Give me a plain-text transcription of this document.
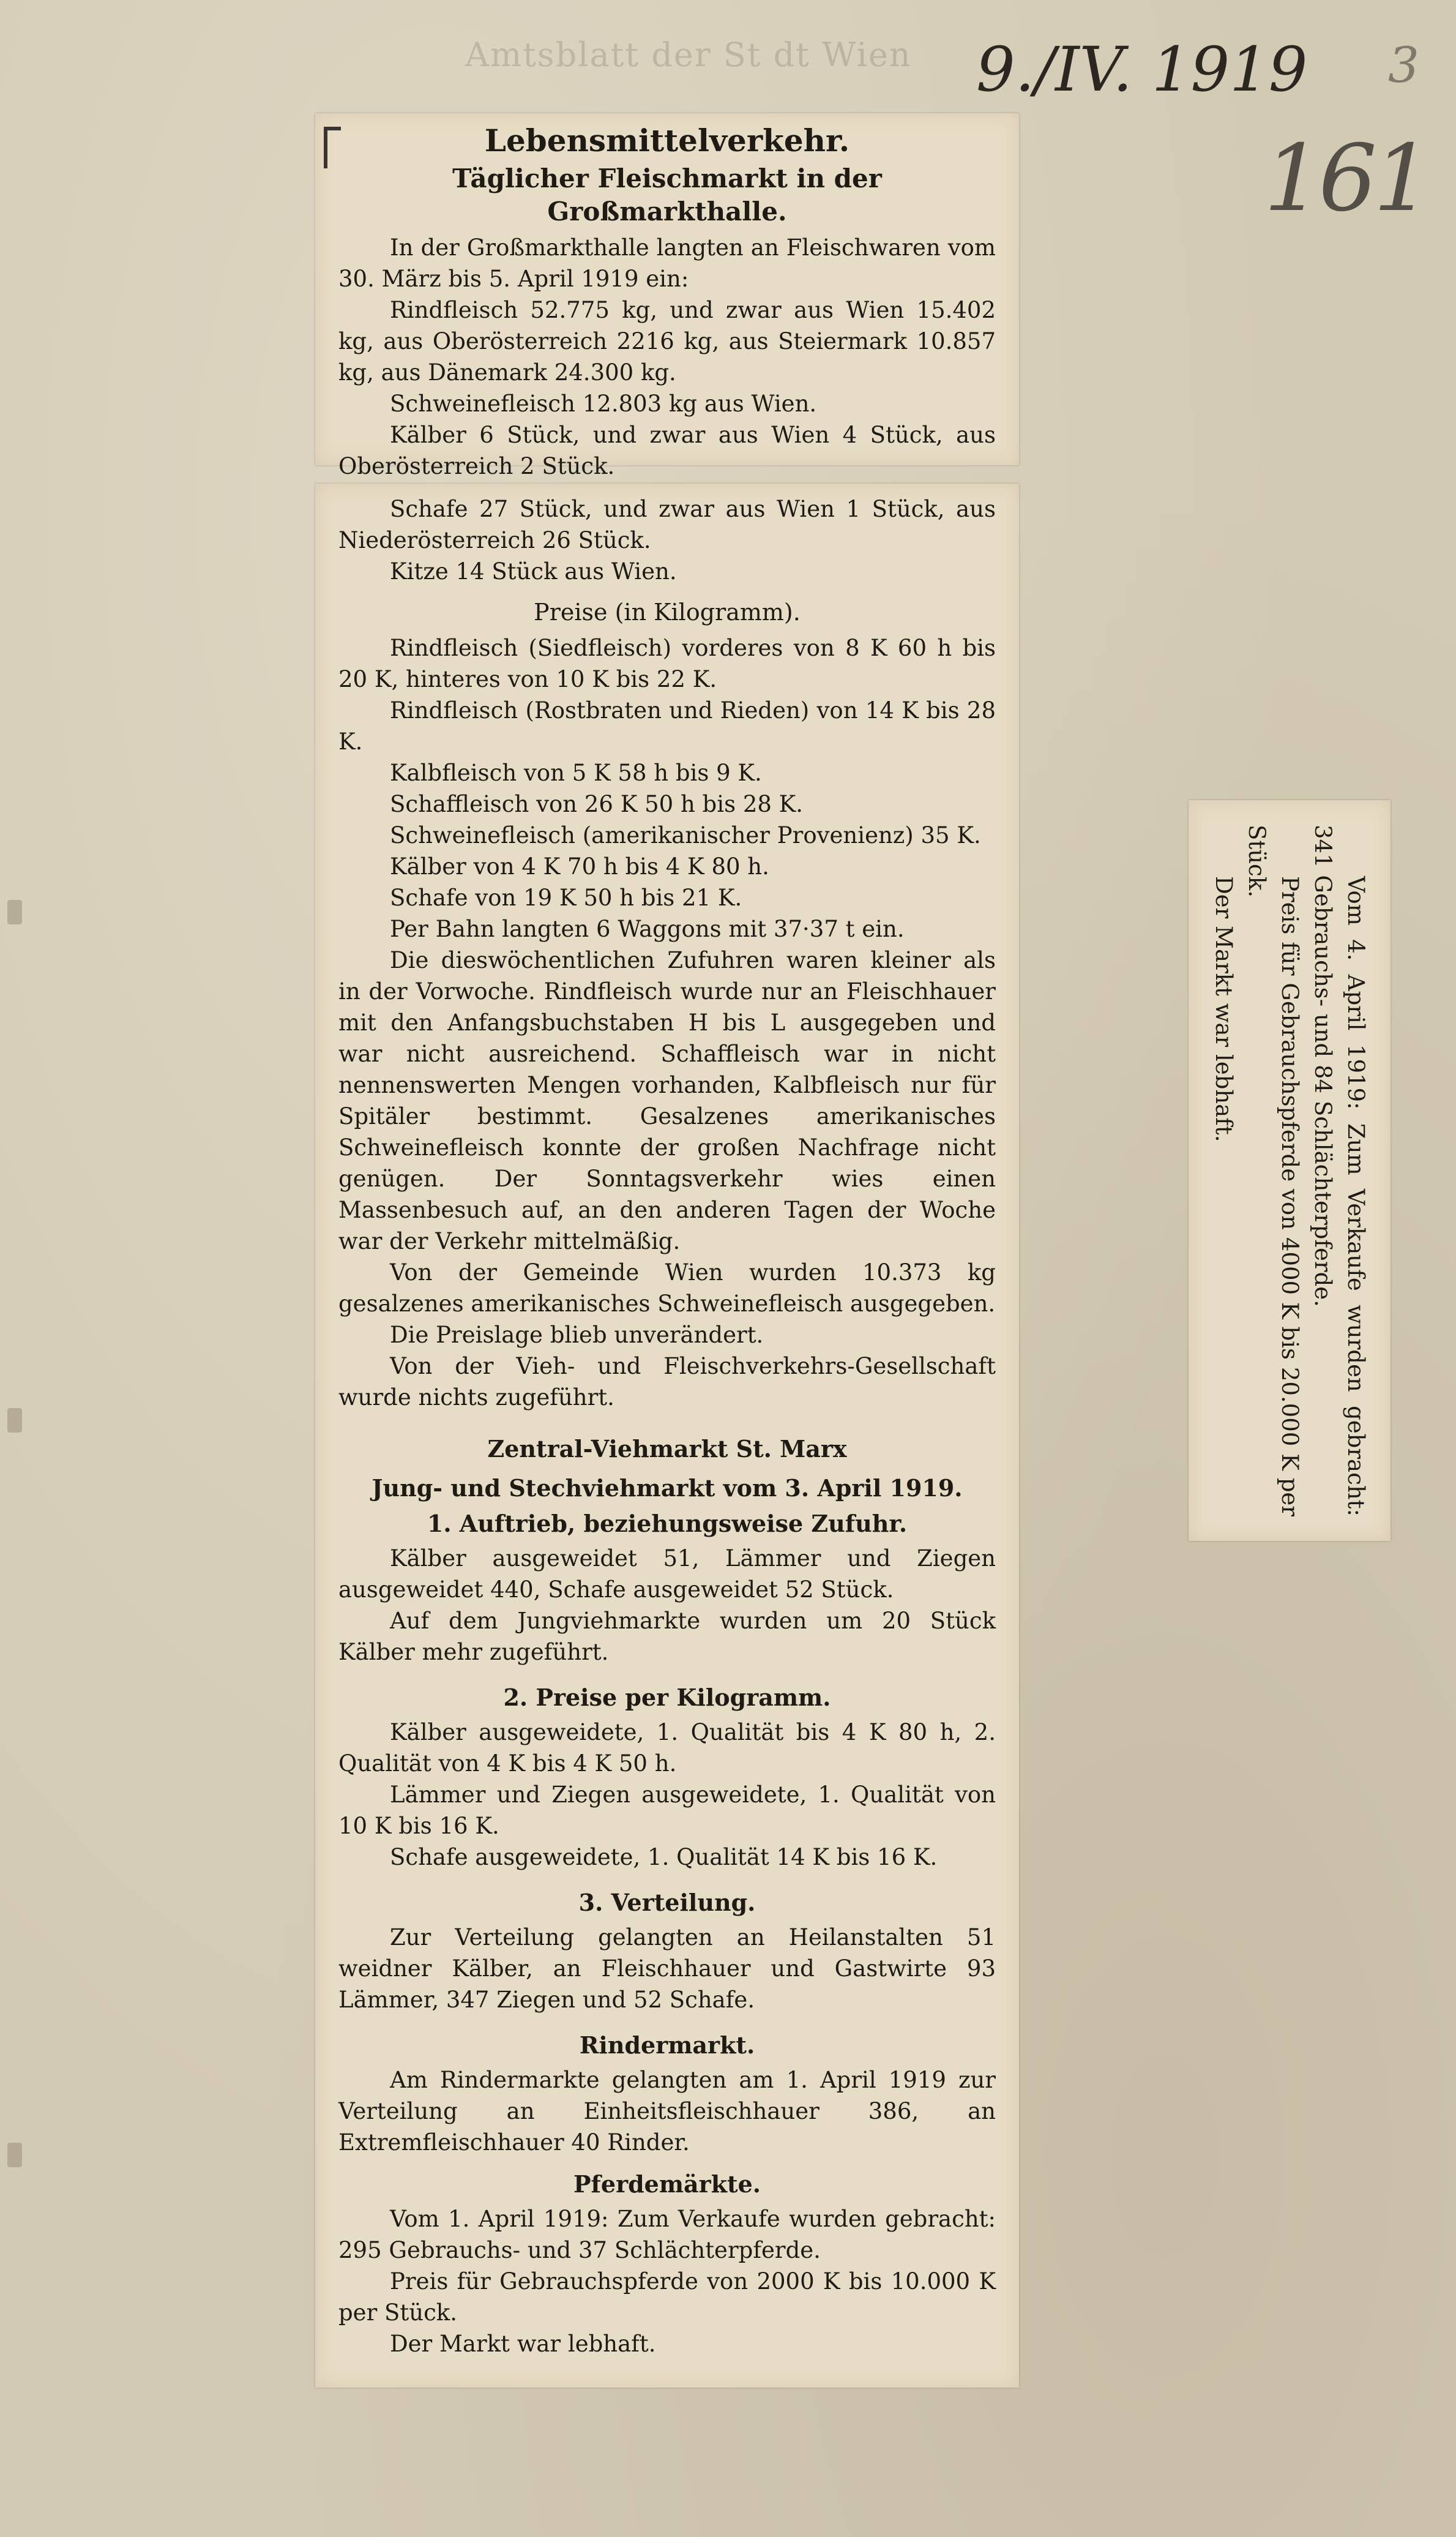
Amtsblatt der St dt Wien	9./IV. 1919 3
161
Lebensmittelverkehr.
Täglicher Fleischmarkt in der Großmarkthalle.

In der Großmarkthalle langten an Fleischwaren vom 30. März bis 5. April 1919 ein:

Rindfleisch 52.775 kg, und zwar aus Wien 15.402 kg, aus Oberösterreich 2216 kg, aus Steiermark 10.857 kg, aus Dänemark 24.300 kg.

Schweinefleisch 12.803 kg aus Wien.

Kälber 6 Stück, und zwar aus Wien 4 Stück, aus Oberösterreich 2 Stück.

Schafe 27 Stück, und zwar aus Wien 1 Stück, aus Niederösterreich 26 Stück.

Kitze 14 Stück aus Wien.

Preise (in Kilogramm).

Rindfleisch (Siedfleisch) vorderes von 8 K 60 h bis 20 K, hinteres von 10 K bis 22 K.

Rindfleisch (Rostbraten und Rieden) von 14 K bis 28 K.

Kalbfleisch von 5 K 58 h bis 9 K.

Schaffleisch von 26 K 50 h bis 28 K.

Schweinefleisch (amerikanischer Provenienz) 35 K.

Kälber von 4 K 70 h bis 4 K 80 h.

Schafe von 19 K 50 h bis 21 K.

Per Bahn langten 6 Waggons mit 37·37 t ein.

Die dieswöchentlichen Zufuhren waren kleiner als in der Vorwoche. Rindfleisch wurde nur an Fleischhauer mit den Anfangsbuchstaben H bis L ausgegeben und war nicht ausreichend. Schaffleisch war in nicht nennenswerten Mengen vorhanden, Kalbfleisch nur für Spitäler bestimmt. Gesalzenes amerikanisches Schweinefleisch konnte der großen Nachfrage nicht genügen. Der Sonntagsverkehr wies einen Massenbesuch auf, an den anderen Tagen der Woche war der Verkehr mittelmäßig.

Von der Gemeinde Wien wurden 10.373 kg gesalzenes amerikanisches Schweinefleisch ausgegeben.

Die Preislage blieb unverändert.

Von der Vieh- und Fleischverkehrs-Gesellschaft wurde nichts zugeführt.

Zentral-Viehmarkt St. Marx
Jung- und Stechviehmarkt vom 3. April 1919.
1. Auftrieb, beziehungsweise Zufuhr.

Kälber ausgeweidet 51, Lämmer und Ziegen ausgeweidet 440, Schafe ausgeweidet 52 Stück.

Auf dem Jungviehmarkte wurden um 20 Stück Kälber mehr zugeführt.

2. Preise per Kilogramm.

Kälber ausgeweidete, 1. Qualität bis 4 K 80 h, 2. Qualität von 4 K bis 4 K 50 h.

Lämmer und Ziegen ausgeweidete, 1. Qualität von 10 K bis 16 K.

Schafe ausgeweidete, 1. Qualität 14 K bis 16 K.

3. Verteilung.

Zur Verteilung gelangten an Heilanstalten 51 weidner Kälber, an Fleischhauer und Gastwirte 93 Lämmer, 347 Ziegen und 52 Schafe.

Rindermarkt.

Am Rindermarkte gelangten am 1. April 1919 zur Verteilung an Einheitsfleischhauer 386, an Extremfleischhauer 40 Rinder.

Pferdemärkte.

Vom 1. April 1919: Zum Verkaufe wurden gebracht: 295 Gebrauchs- und 37 Schlächterpferde.

Preis für Gebrauchspferde von 2000 K bis 10.000 K per Stück.

Der Markt war lebhaft.

Vom 4. April 1919: Zum Verkaufe wurden gebracht: 341 Gebrauchs- und 84 Schlächterpferde.

Preis für Gebrauchspferde von 4000 K bis 20.000 K per Stück.

Der Markt war lebhaft.
